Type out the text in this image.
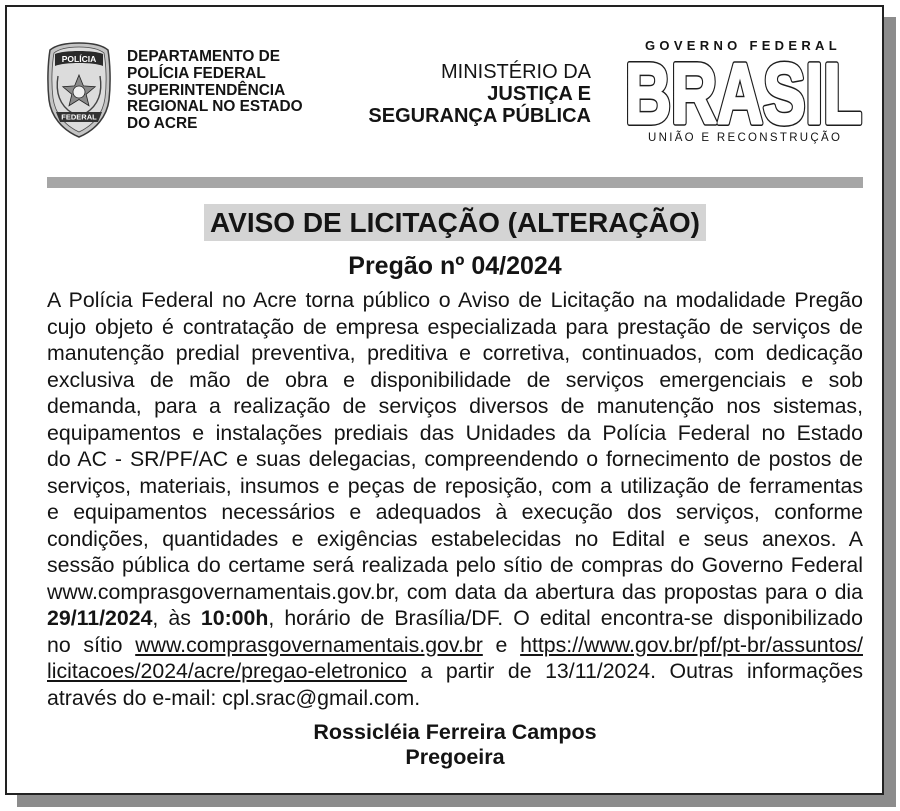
POLÍCIA
FEDERAL
DEPARTAMENTO DE
POLÍCIA FEDERAL
SUPERINTENDÊNCIA
REGIONAL NO ESTADO
DO ACRE
MINISTÉRIO DA
JUSTIÇA E
SEGURANÇA PÚBLICA
GOVERNO FEDERAL
BRASIL
BRASIL
UNIÃO E RECONSTRUÇÃO
AVISO DE LICITAÇÃO (ALTERAÇÃO)
Pregão nº 04/2024
A Polícia Federal no Acre torna público o Aviso de Licitação na modalidade Pregão
cujo objeto é contratação de empresa especializada para prestação de serviços de
manutenção predial preventiva, preditiva e corretiva, continuados, com dedicação
exclusiva de mão de obra e disponibilidade de serviços emergenciais e sob
demanda, para a realização de serviços diversos de manutenção nos sistemas,
equipamentos e instalações prediais das Unidades da Polícia Federal no Estado
do AC - SR/PF/AC e suas delegacias, compreendendo o fornecimento de postos de
serviços, materiais, insumos e peças de reposição, com a utilização de ferramentas
e equipamentos necessários e adequados à execução dos serviços, conforme
condições, quantidades e exigências estabelecidas no Edital e seus anexos. A
sessão pública do certame será realizada pelo sítio de compras do Governo Federal
www.comprasgovernamentais.gov.br, com data da abertura das propostas para o dia
29/11/2024, às 10:00h, horário de Brasília/DF. O edital encontra-se disponibilizado
no sítio www.comprasgovernamentais.gov.br e https://www.gov.br/pf/pt-br/assuntos/
licitacoes/2024/acre/pregao-eletronico a partir de 13/11/2024. Outras informações
através do e-mail: cpl.srac@gmail.com.
Rossicléia Ferreira Campos
Pregoeira
